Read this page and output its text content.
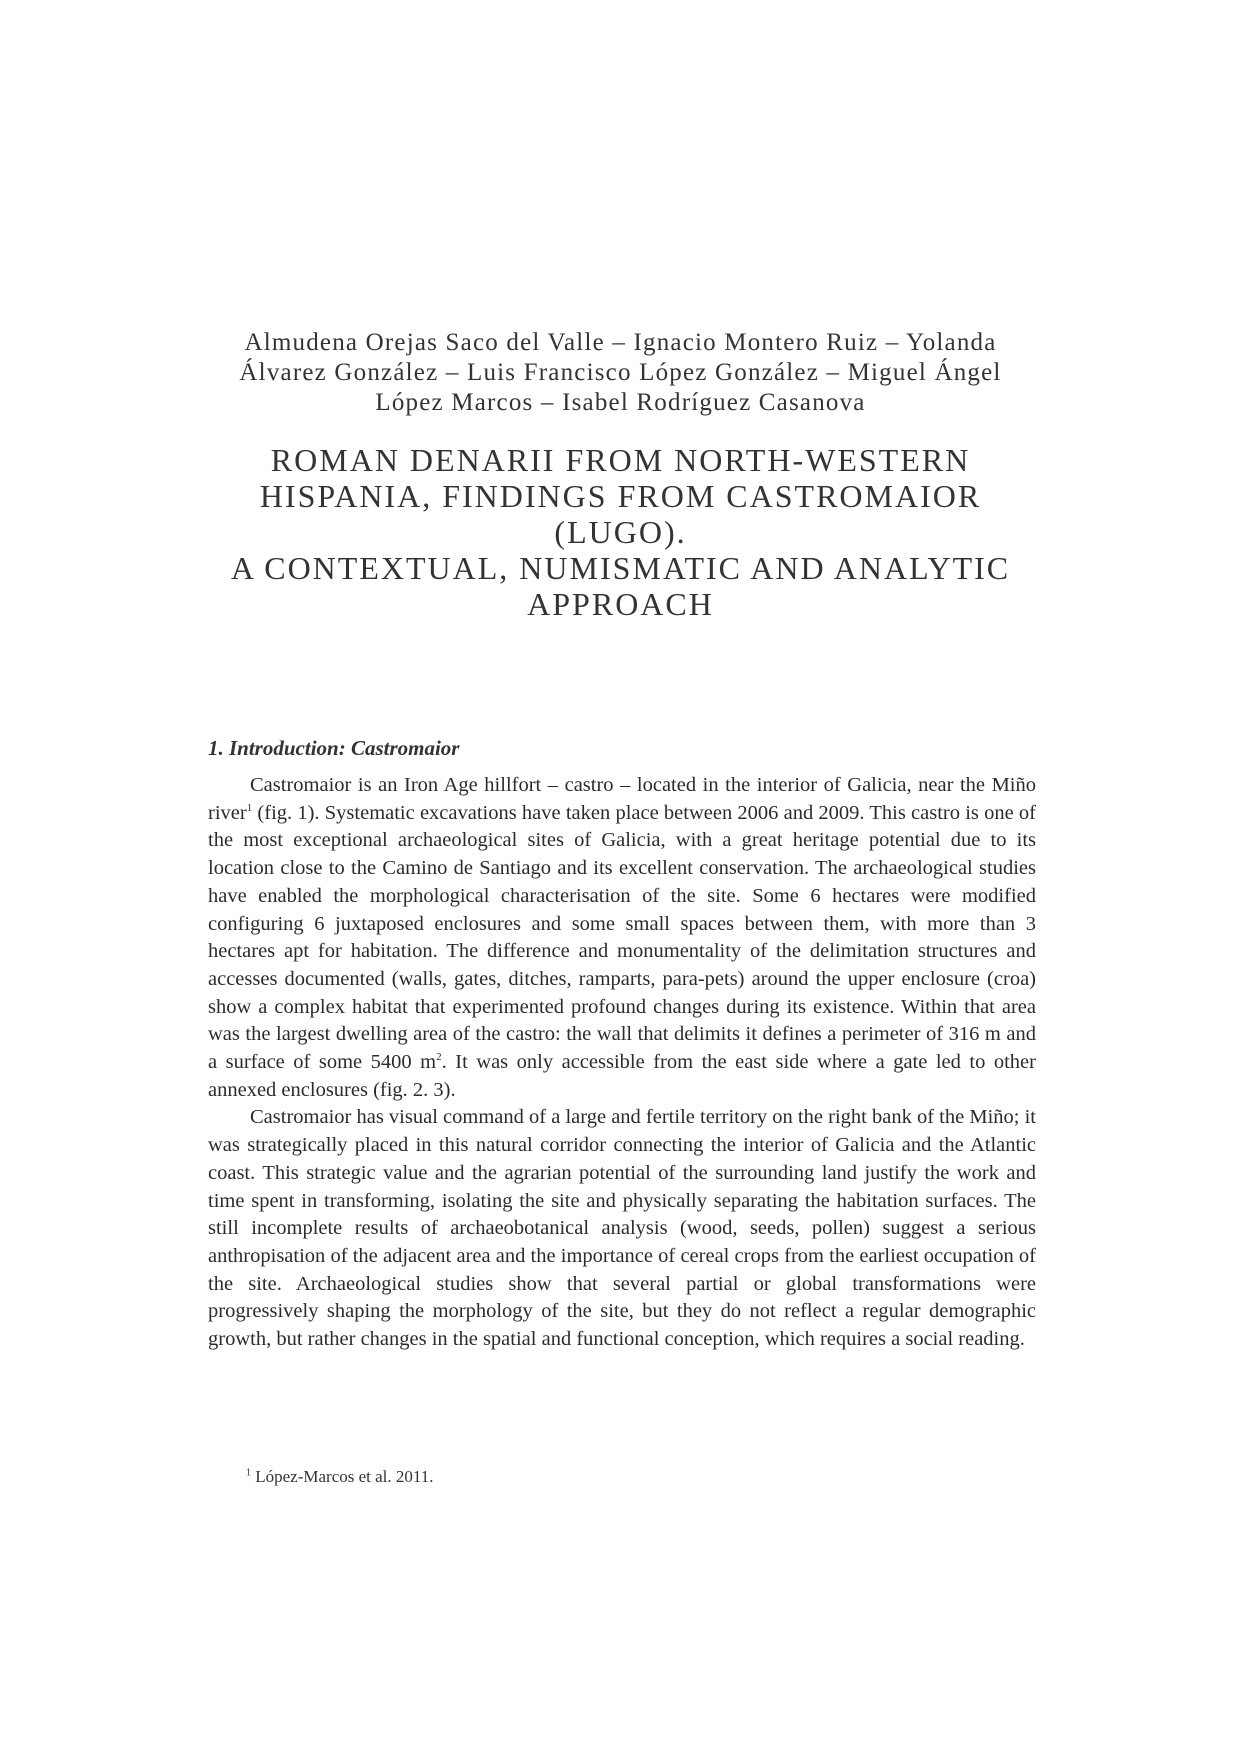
Almudena Orejas Saco del Valle – Ignacio Montero Ruiz – Yolanda
Álvarez González – Luis Francisco López González – Miguel Ángel
López Marcos – Isabel Rodríguez Casanova
ROMAN DENARII FROM NORTH-WESTERN
HISPANIA, FINDINGS FROM CASTROMAIOR (LUGO).
A CONTEXTUAL, NUMISMATIC AND ANALYTIC
APPROACH
1. Introduction: Castromaior

Castromaior is an Iron Age hillfort – castro – located in the interior of Galicia, near the Miño river$^1$ (fig. 1). Systematic excavations have taken place between 2006 and 2009. This castro is one of the most exceptional archaeological sites of Galicia, with a great heritage potential due to its location close to the Camino de Santiago and its excellent conservation. The archaeological studies have enabled the morphological characterisation of the site. Some 6 hectares were modified configuring 6 juxtaposed enclosures and some small spaces between them, with more than 3 hectares apt for habitation. The difference and monumentality of the delimitation structures and accesses documented (walls, gates, ditches, ramparts, para-pets) around the upper enclosure (croa) show a complex habitat that experimented profound changes during its existence. Within that area was the largest dwelling area of the castro: the wall that delimits it defines a perimeter of 316 m and a surface of some 5400 $m^2$. It was only accessible from the east side where a gate led to other annexed enclosures (fig. 2. 3).

Castromaior has visual command of a large and fertile territory on the right bank of the Miño; it was strategically placed in this natural corridor connecting the interior of Galicia and the Atlantic coast. This strategic value and the agrarian potential of the surrounding land justify the work and time spent in transforming, isolating the site and physically separating the habitation surfaces. The still incomplete results of archaeobotanical analysis (wood, seeds, pollen) suggest a serious anthropisation of the adjacent area and the importance of cereal crops from the earliest occupation of the site. Archaeological studies show that several partial or global transformations were progressively shaping the morphology of the site, but they do not reflect a regular demographic growth, but rather changes in the spatial and functional conception, which requires a social reading.

$^1$ López-Marcos et al. 2011.
